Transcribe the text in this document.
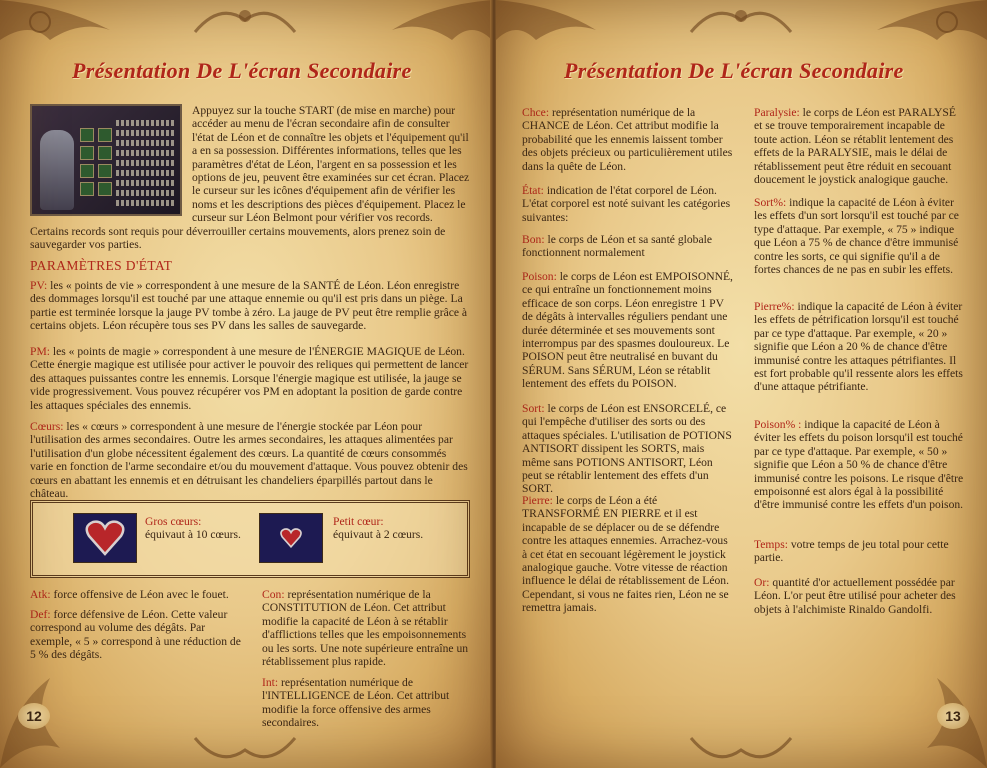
Présentation De L'écran Secondaire
Appuyez sur la touche START (de mise en marche) pour accéder au menu de l'écran secondaire afin de consulter l'état de Léon et de connaître les objets et l'équipement qu'il a en sa possession. Différentes informations, telles que les paramètres d'état de Léon, l'argent en sa possession et les options de jeu, peuvent être examinées sur cet écran. Placez le curseur sur les icônes d'équipement afin de vérifier les noms et les descriptions des pièces d'équipement. Placez le curseur sur Léon Belmont pour vérifier vos records. Certains records sont requis pour déverrouiller certains mouvements, alors prenez soin de sauvegarder vos parties.
PARAMÈTRES D'ÉTAT
PV: les « points de vie » correspondent à une mesure de la SANTÉ de Léon. Léon enregistre des dommages lorsqu'il est touché par une attaque ennemie ou qu'il est pris dans un piège. La partie est terminée lorsque la jauge PV tombe à zéro. La jauge de PV peut être remplie grâce à certains objets. Léon récupère tous ses PV dans les salles de sauvegarde.
PM: les « points de magie » correspondent à une mesure de l'ÉNERGIE MAGIQUE de Léon. Cette énergie magique est utilisée pour activer le pouvoir des reliques qui permettent de lancer des attaques puissantes contre les ennemis. Lorsque l'énergie magique est utilisée, la jauge se vide progressivement. Vous pouvez récupérer vos PM en adoptant la position de garde contre les attaques spéciales des ennemis.
Cœurs: les « cœurs » correspondent à une mesure de l'énergie stockée par Léon pour l'utilisation des armes secondaires. Outre les armes secondaires, les attaques alimentées par l'utilisation d'un globe nécessitent également des cœurs. La quantité de cœurs consommés varie en fonction de l'arme secondaire et/ou du mouvement d'attaque. Vous pouvez obtenir des cœurs en abattant les ennemis et en détruisant les chandeliers éparpillés partout dans le château.
Gros cœurs:
équivaut à 10 cœurs.
Petit cœur:
équivaut à 2 cœurs.
Atk: force offensive de Léon avec le fouet.
Def: force défensive de Léon. Cette valeur correspond au volume des dégâts. Par exemple, « 5 » correspond à une réduction de 5 % des dégâts.
Con: représentation numérique de la CONSTITUTION de Léon. Cet attribut modifie la capacité de Léon à se rétablir d'afflictions telles que les empoisonnements ou les sorts. Une note supérieure entraîne un rétablissement plus rapide.
Int: représentation numérique de l'INTELLIGENCE de Léon. Cet attribut modifie la force offensive des armes secondaires.
12
Présentation De L'écran Secondaire
Chce: représentation numérique de la CHANCE de Léon. Cet attribut modifie la probabilité que les ennemis laissent tomber des objets précieux ou particulièrement utiles dans la quête de Léon.
État: indication de l'état corporel de Léon. L'état corporel est noté suivant les catégories suivantes:
Bon: le corps de Léon et sa santé globale fonctionnent normalement
Poison: le corps de Léon est EMPOISONNÉ, ce qui entraîne un fonctionnement moins efficace de son corps. Léon enregistre 1 PV de dégâts à intervalles réguliers pendant une durée déterminée et ses mouvements sont interrompus par des spasmes douloureux. Le POISON peut être neutralisé en buvant du SÉRUM. Sans SÉRUM, Léon se rétablit lentement des effets du POISON.
Sort: le corps de Léon est ENSORCELÉ, ce qui l'empêche d'utiliser des sorts ou des attaques spéciales. L'utilisation de POTIONS ANTISORT dissipent les SORTS, mais même sans POTIONS ANTISORT, Léon peut se rétablir lentement des effets d'un SORT.
Pierre: le corps de Léon a été TRANSFORMÉ EN PIERRE et il est incapable de se déplacer ou de se défendre contre les attaques ennemies. Arrachez-vous à cet état en secouant légèrement le joystick analogique gauche. Votre vitesse de réaction influence le délai de rétablissement de Léon. Cependant, si vous ne faites rien, Léon ne se remettra jamais.
Paralysie: le corps de Léon est PARALYSÉ et se trouve temporairement incapable de toute action. Léon se rétablit lentement des effets de la PARALYSIE, mais le délai de rétablissement peut être réduit en secouant doucement le joystick analogique gauche.
Sort%: indique la capacité de Léon à éviter les effets d'un sort lorsqu'il est touché par ce type d'attaque. Par exemple, « 75 » indique que Léon a 75 % de chance d'être immunisé contre les sorts, ce qui signifie qu'il a de fortes chances de ne pas en subir les effets.
Pierre%: indique la capacité de Léon à éviter les effets de pétrification lorsqu'il est touché par ce type d'attaque. Par exemple, « 20 » signifie que Léon a 20 % de chance d'être immunisé contre les attaques pétrifiantes. Il est fort probable qu'il ressente alors les effets d'une attaque pétrifiante.
Poison% : indique la capacité de Léon à éviter les effets du poison lorsqu'il est touché par ce type d'attaque. Par exemple, « 50 » signifie que Léon a 50 % de chance d'être immunisé contre les poisons. Le risque d'être empoisonné est alors égal à la possibilité d'être immunisé contre les effets d'un poison.
Temps: votre temps de jeu total pour cette partie.
Or: quantité d'or actuellement possédée par Léon. L'or peut être utilisé pour acheter des objets à l'alchimiste Rinaldo Gandolfi.
13
